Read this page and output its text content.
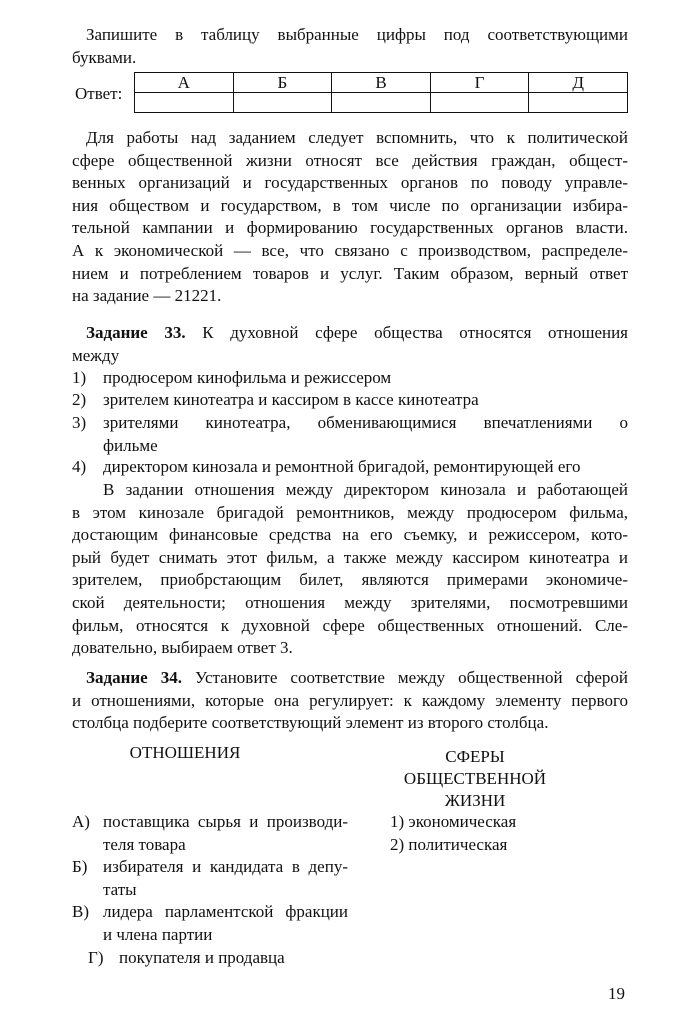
Запишите в таблицу выбранные цифры под соответствующими
буквами.
Ответ:
А	Б	В	Г	Д

Для работы над заданием следует вспомнить, что к политической
сфере общественной жизни относят все действия граждан, общест-
венных организаций и государственных органов по поводу управле-
ния обществом и государством, в том числе по организации избира-
тельной кампании и формированию государственных органов власти.
А к экономической — все, что связано с производством, распределе-
нием и потреблением товаров и услуг. Таким образом, верный ответ
на задание — 21221.
Задание 33. К духовной сфере общества относятся отношения
между
1) продюсером кинофильма и режиссером
2) зрителем кинотеатра и кассиром в кассе кинотеатра
3) зрителями кинотеатра, обменивающимися впечатлениями о
фильме
4) директором кинозала и ремонтной бригадой, ремонтирующей его
В задании отношения между директором кинозала и работающей
в этом кинозале бригадой ремонтников, между продюсером фильма,
достающим финансовые средства на его съемку, и режиссером, кото-
рый будет снимать этот фильм, а также между кассиром кинотеатра и
зрителем, приобрстающим билет, являются примерами экономиче-
ской деятельности; отношения между зрителями, посмотревшими
фильм, относятся к духовной сфере общественных отношений. Сле-
довательно, выбираем ответ 3.
Задание 34. Установите соответствие между общественной сферой
и отношениями, которые она регулирует: к каждому элементу первого
столбца подберите соответствующий элемент из второго столбца.
ОТНОШЕНИЯ	СФЕРЫ
ОБЩЕСТВЕННОЙ
ЖИЗНИ
А) поставщика сырья и производи-
теля товара
Б) избирателя и кандидата в депу-
таты
В) лидера парламентской фракции
и члена партии
Г) покупателя и продавца
1) экономическая
2) политическая
19
